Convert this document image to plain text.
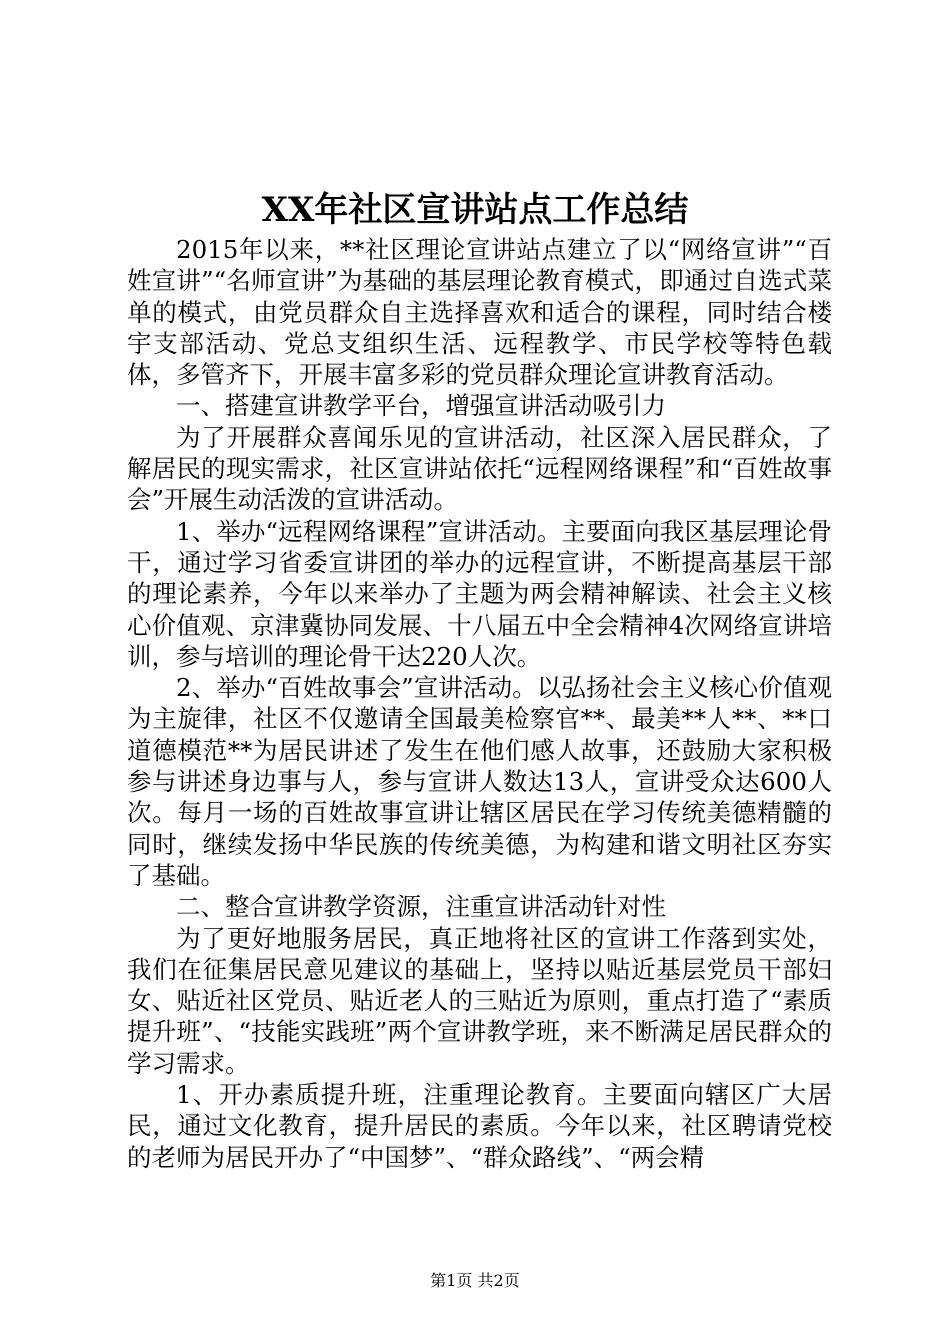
XX年社区宣讲站点工作总结

2015年以来，**社区理论宣讲站点建立了以“网络宣讲”“百姓宣讲”“名师宣讲”为基础的基层理论教育模式，即通过自选式菜单的模式，由党员群众自主选择喜欢和适合的课程，同时结合楼宇支部活动、党总支组织生活、远程教学、市民学校等特色载体，多管齐下，开展丰富多彩的党员群众理论宣讲教育活动。

一、搭建宣讲教学平台，增强宣讲活动吸引力

为了开展群众喜闻乐见的宣讲活动，社区深入居民群众，了解居民的现实需求，社区宣讲站依托“远程网络课程”和“百姓故事会”开展生动活泼的宣讲活动。

1、举办“远程网络课程”宣讲活动。主要面向我区基层理论骨干，通过学习省委宣讲团的举办的远程宣讲，不断提高基层干部的理论素养，今年以来举办了主题为两会精神解读、社会主义核心价值观、京津冀协同发展、十八届五中全会精神4次网络宣讲培训，参与培训的理论骨干达220人次。

2、举办“百姓故事会”宣讲活动。以弘扬社会主义核心价值观为主旋律，社区不仅邀请全国最美检察官**、最美**人**、**口道德模范**为居民讲述了发生在他们感人故事，还鼓励大家积极参与讲述身边事与人，参与宣讲人数达13人，宣讲受众达600人次。每月一场的百姓故事宣讲让辖区居民在学习传统美德精髓的同时，继续发扬中华民族的传统美德，为构建和谐文明社区夯实了基础。

二、整合宣讲教学资源，注重宣讲活动针对性

为了更好地服务居民，真正地将社区的宣讲工作落到实处，我们在征集居民意见建议的基础上，坚持以贴近基层党员干部妇女、贴近社区党员、贴近老人的三贴近为原则，重点打造了“素质提升班”、“技能实践班”两个宣讲教学班，来不断满足居民群众的学习需求。

1、开办素质提升班，注重理论教育。主要面向辖区广大居民，通过文化教育，提升居民的素质。今年以来，社区聘请党校的老师为居民开办了“中国梦”、“群众路线”、“两会精

第1页 共2页
